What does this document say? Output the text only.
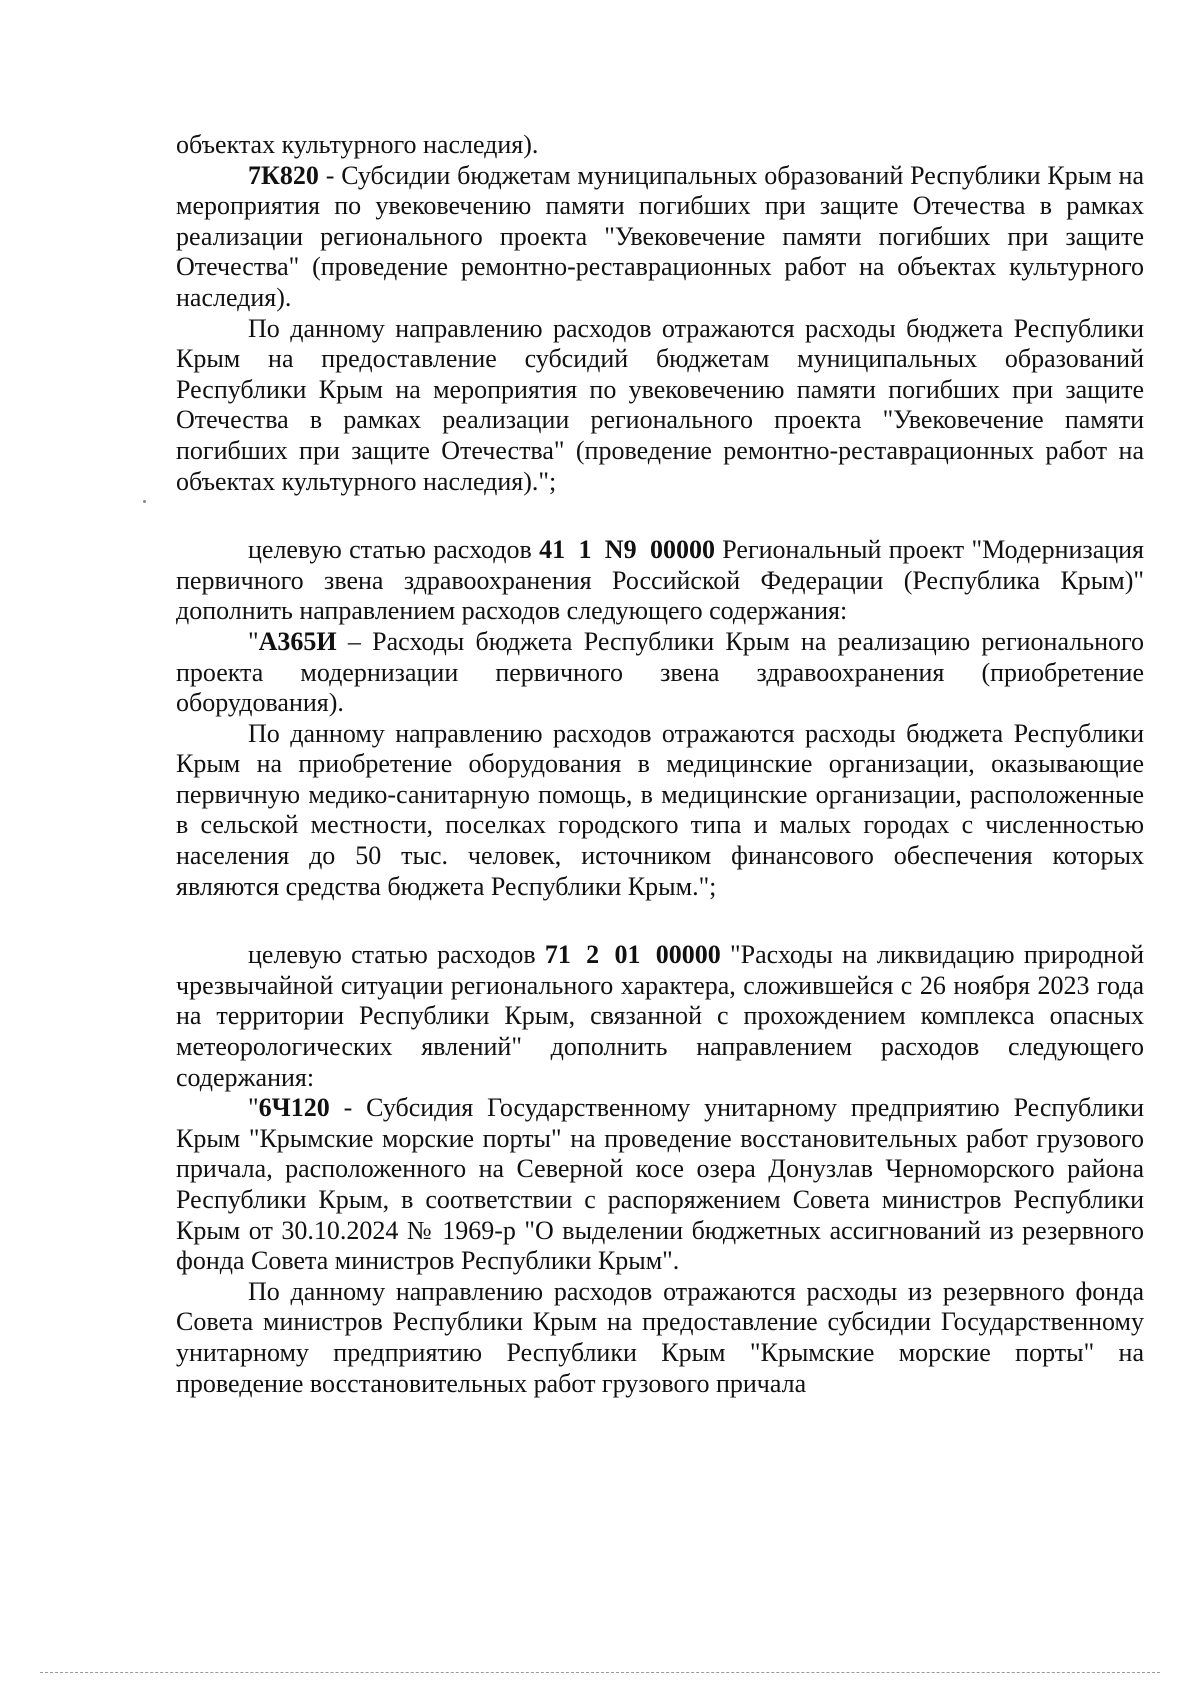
объектах культурного наследия).

7К820 - Субсидии бюджетам муниципальных образований Республики Крым на мероприятия по увековечению памяти погибших при защите Отечества в рамках реализации регионального проекта "Увековечение памяти погибших при защите Отечества" (проведение ремонтно-реставрационных работ на объектах культурного наследия).

По данному направлению расходов отражаются расходы бюджета Республики Крым на предоставление субсидий бюджетам муниципальных образований Республики Крым на мероприятия по увековечению памяти погибших при защите Отечества в рамках реализации регионального проекта "Увековечение памяти погибших при защите Отечества" (проведение ремонтно-реставрационных работ на объектах культурного наследия).";

целевую статью расходов 41 1 N9 00000 Региональный проект "Модернизация первичного звена здравоохранения Российской Федерации (Республика Крым)" дополнить направлением расходов следующего содержания:

"А365И – Расходы бюджета Республики Крым на реализацию регионального проекта модернизации первичного звена здравоохранения (приобретение оборудования).

По данному направлению расходов отражаются расходы бюджета Республики Крым на приобретение оборудования в медицинские организации, оказывающие первичную медико-санитарную помощь, в медицинские организации, расположенные в сельской местности, поселках городского типа и малых городах с численностью населения до 50 тыс. человек, источником финансового обеспечения которых являются средства бюджета Республики Крым.";

целевую статью расходов 71 2 01 00000 "Расходы на ликвидацию природной чрезвычайной ситуации регионального характера, сложившейся с 26 ноября 2023 года на территории Республики Крым, связанной с прохождением комплекса опасных метеорологических явлений" дополнить направлением расходов следующего содержания:

"6Ч120 - Субсидия Государственному унитарному предприятию Республики Крым "Крымские морские порты" на проведение восстановительных работ грузового причала, расположенного на Северной косе озера Донузлав Черноморского района Республики Крым, в соответствии с распоряжением Совета министров Республики Крым от 30.10.2024 № 1969-р "О выделении бюджетных ассигнований из резервного фонда Совета министров Республики Крым".

По данному направлению расходов отражаются расходы из резервного фонда Совета министров Республики Крым на предоставление субсидии Государственному унитарному предприятию Республики Крым "Крымские морские порты" на проведение восстановительных работ грузового причала
